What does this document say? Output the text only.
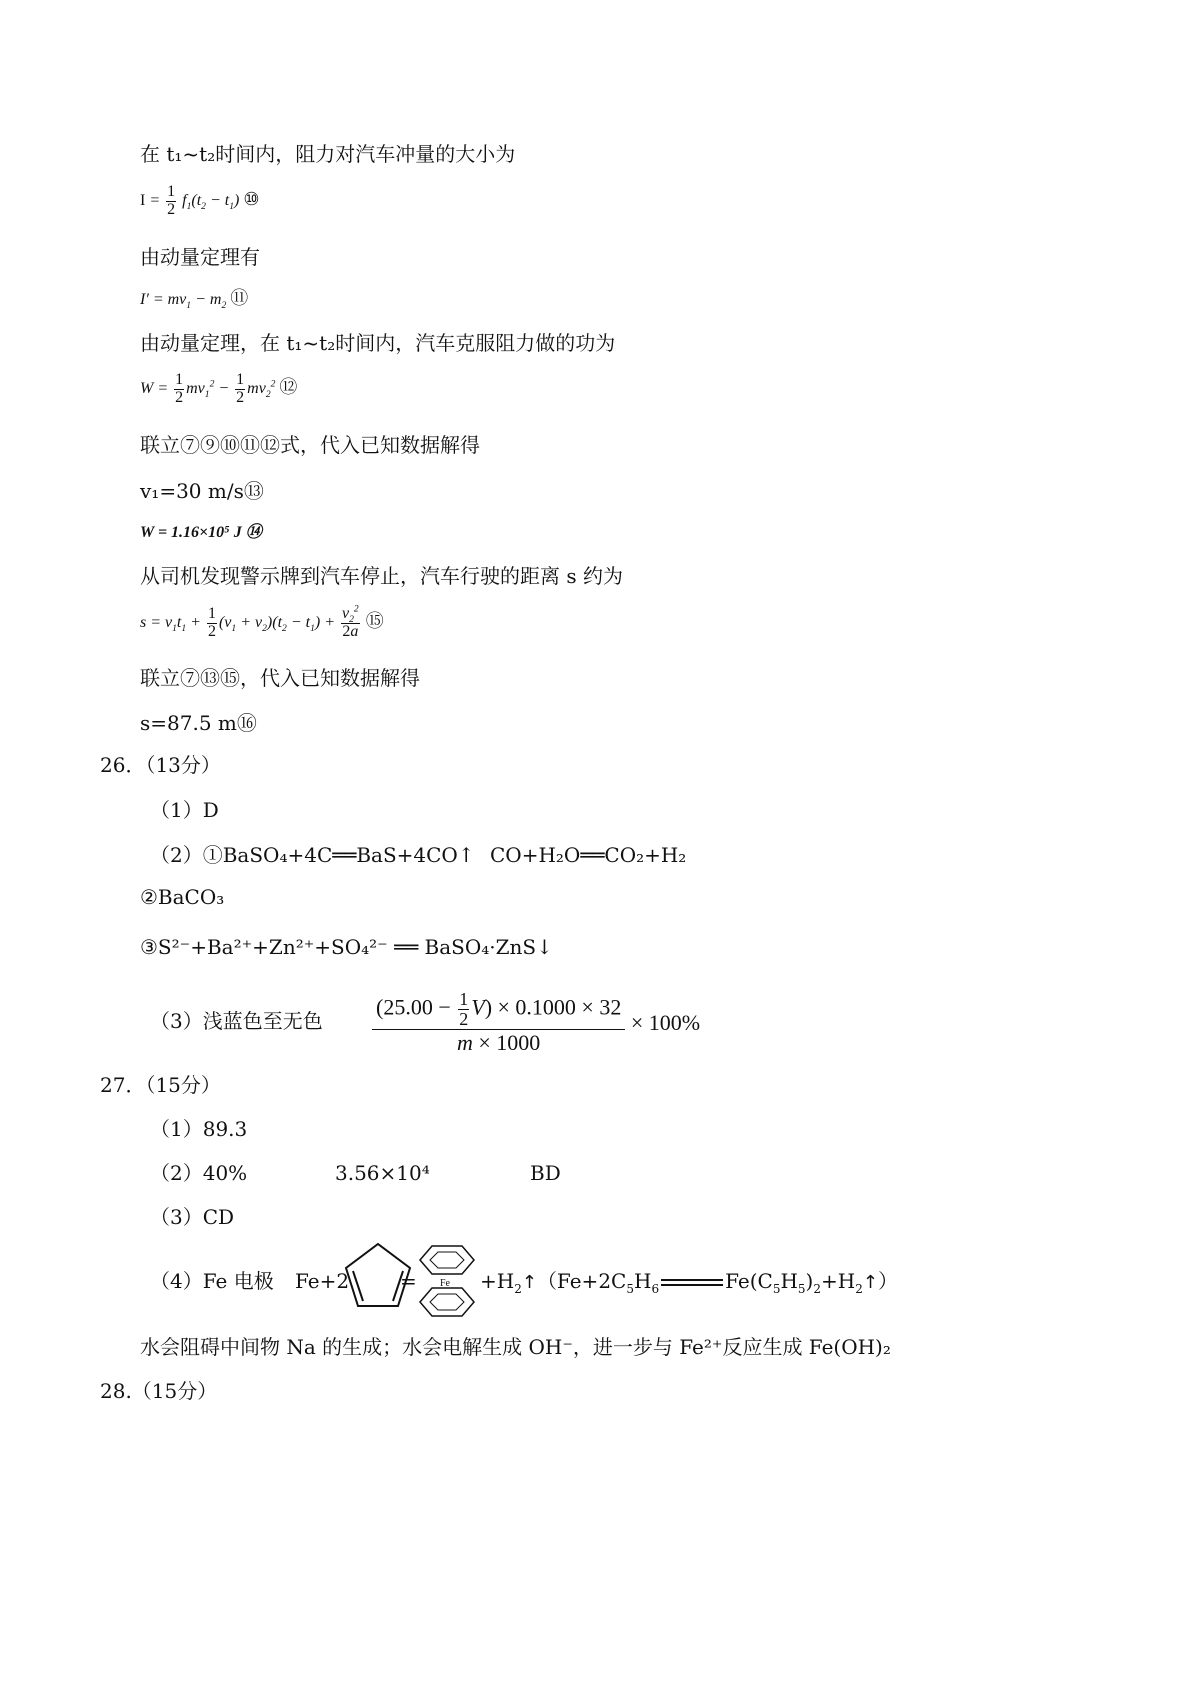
在 t₁~t₂时间内，阻力对汽车冲量的大小为
$I = \frac{1}{2} f_1(t_2 - t_1)$ ⑩
由动量定理有
$I' = mv_1 - m_2$ ⑪
由动量定理，在 t₁~t₂时间内，汽车克服阻力做的功为
$W = \frac{1}{2} mv_1^2 - \frac{1}{2} mv_2^2$ ⑫
联立⑦⑨⑩⑪⑫式，代入已知数据解得
v₁=30 m/s⑬
W = 1.16×10⁵ J ⑭
从司机发现警示牌到汽车停止，汽车行驶的距离 s 约为
$s = v_1t_1 + \frac{1}{2} (v_1 + v_2)(t_2 - t_1) + \frac{v_2^2}{2a}$ ⑮
联立⑦⑬⑮，代入已知数据解得
s=87.5 m⑯
26．（13分）
（1）D
（2）①BaSO₄+4C══BaS+4CO↑ CO+H₂O══CO₂+H₂
②BaCO₃
③S²⁻+Ba²⁺+Zn²⁺+SO₄²⁻ ══ BaSO₄·ZnS↓
（3）浅蓝色至无色 $\frac{(25.00 - \frac{1}{2} V) \times 0.1000 \times 32}{m \times 1000} \times 100\%$
27．（15分）
（1）89.3
（2）40%	3.56×10⁴	BD
（3）CD
（4）Fe 电极 Fe+2	= $Fe +H_2↑(Fe+2C_5H_6$	$Fe(C_5H_5)_2+H_2↑$）
水会阻碍中间物 Na 的生成；水会电解生成 OH⁻，进一步与 Fe²⁺反应生成 Fe(OH)₂
28.（15分）
